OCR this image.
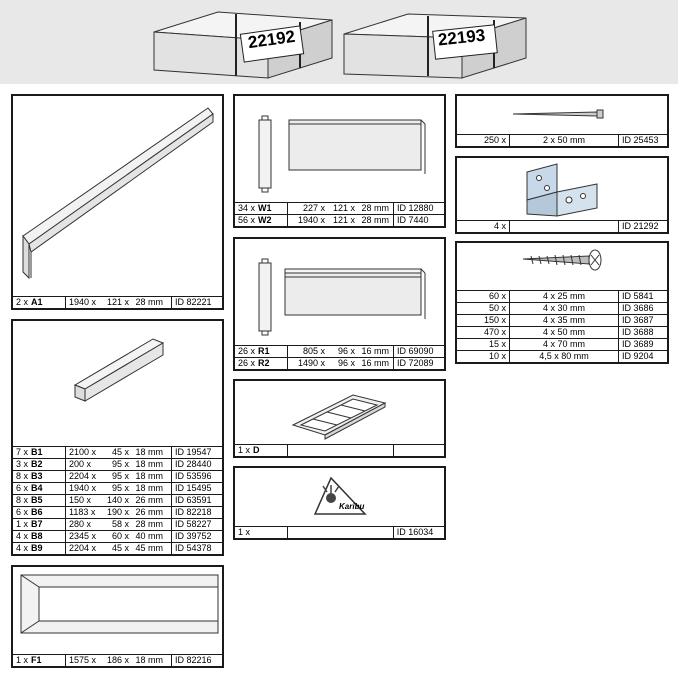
22192	22193
2 x A1	1940 x 121 x 28 mm	ID 82221
7 x B1	2100 x 45 x 18 mm	ID 19547
3 x B2	200 x 95 x 18 mm	ID 28440
8 x B3	2204 x 95 x 18 mm	ID 53596
6 x B4	1940 x 95 x 18 mm	ID 15495
8 x B5	150 x 140 x 26 mm	ID 63591
6 x B6	1183 x 190 x 26 mm	ID 82218
1 x B7	280 x 58 x 28 mm	ID 58227
4 x B8	2345 x 60 x 40 mm	ID 39752
4 x B9	2204 x 45 x 45 mm	ID 54378
1 x F1	1575 x 186 x 18 mm	ID 82216
34 x W1	227 x 121 x 28 mm	ID 12880
56 x W2	1940 x 121 x 28 mm	ID 7440
26 x R1	805 x 96 x 16 mm	ID 69090
26 x R2	1490 x 96 x 16 mm	ID 72089
1 x D		
Karibu
1 x		ID 16034
250 x	2 x 50 mm	ID 25453
4 x		ID 21292
60 x	4 x 25 mm	ID 5841
50 x	4 x 30 mm	ID 3686
150 x	4 x 35 mm	ID 3687
470 x	4 x 50 mm	ID 3688
15 x	4 x 70 mm	ID 3689
10 x	4,5 x 80 mm	ID 9204
